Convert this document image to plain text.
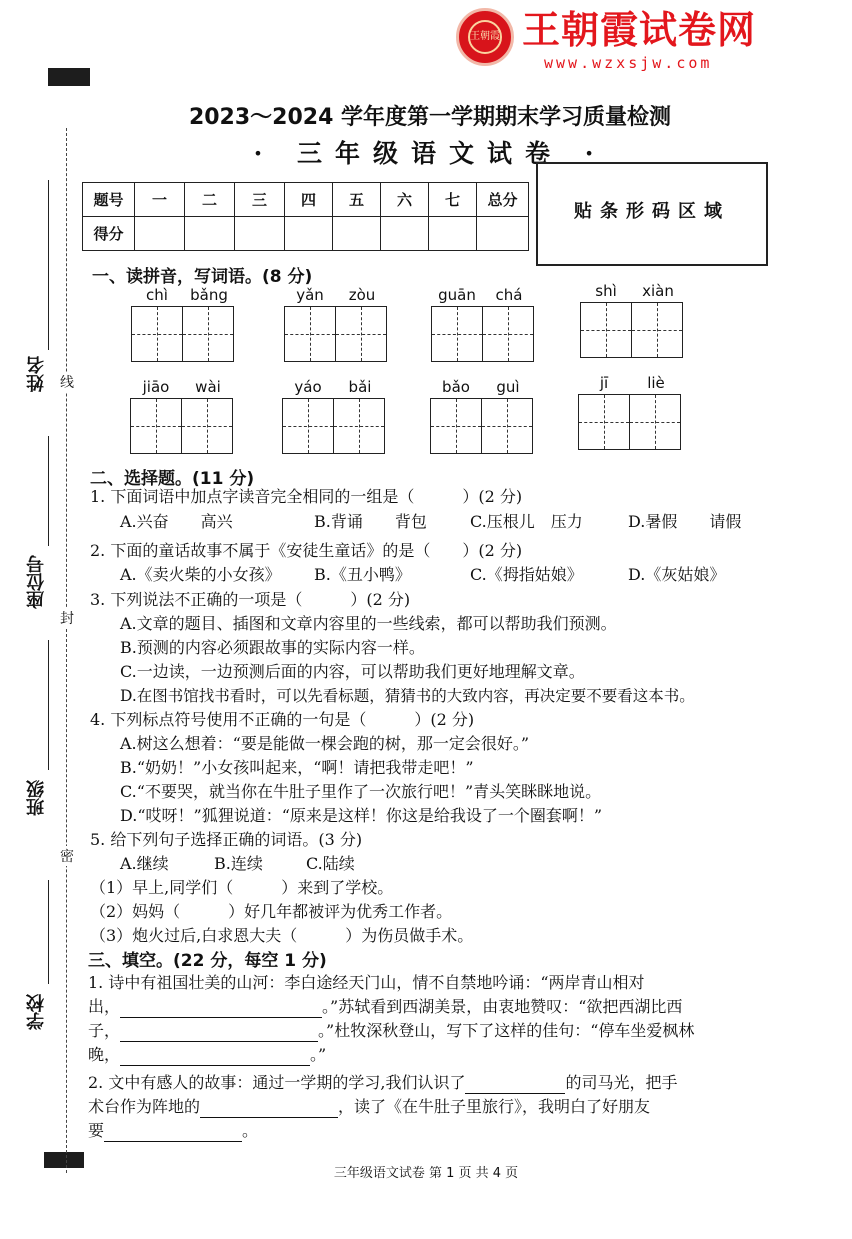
王朝霞 王朝霞试卷网
www.wzxsjw.com
线
封
密
姓名
座位号
班级
学校
2023～2024 学年度第一学期期末学习质量检测
· 三年级语文试卷 ·
题号	一	二	三	四	五	六	七	总分
得分								
贴条形码区域
一、读拼音，写词语。(8 分)
chì	bǎng	yǎn	zòu	guān	chá	shì	xiàn
jiāo	wài	yáo	bǎi	bǎo	guì	jī	liè
二、选择题。(11 分)
1. 下面词语中加点字读音完全相同的一组是（　　　）(2 分)
A.兴奋　　高兴	B.背诵　　背包	C.压根儿　压力	D.暑假　　请假
2. 下面的童话故事不属于《安徒生童话》的是（　　）(2 分)
A.《卖火柴的小女孩》 B.《丑小鸭》	C.《拇指姑娘》	D.《灰姑娘》
3. 下列说法不正确的一项是（　　　）(2 分)
A.文章的题目、插图和文章内容里的一些线索，都可以帮助我们预测。
B.预测的内容必须跟故事的实际内容一样。
C.一边读，一边预测后面的内容，可以帮助我们更好地理解文章。
D.在图书馆找书看时，可以先看标题，猜猜书的大致内容，再决定要不要看这本书。
4. 下列标点符号使用不正确的一句是（　　　）(2 分)
A.树这么想着：“要是能做一棵会跑的树，那一定会很好。”
B.“奶奶！”小女孩叫起来，“啊！请把我带走吧！”
C.“不要哭，就当你在牛肚子里作了一次旅行吧！”青头笑眯眯地说。
D.“哎呀！”狐狸说道：“原来是这样！你这是给我设了一个圈套啊！”
5. 给下列句子选择正确的词语。(3 分)
A.继续	B.连续	C.陆续
（1）早上,同学们（　　　）来到了学校。
（2）妈妈（　　　）好几年都被评为优秀工作者。
（3）炮火过后,白求恩大夫（　　　）为伤员做手术。
三、填空。(22 分，每空 1 分)
1. 诗中有祖国壮美的山河：李白途经天门山，情不自禁地吟诵：“两岸青山相对
出，	。”苏轼看到西湖美景，由衷地赞叹：“欲把西湖比西
子，	。”杜牧深秋登山，写下了这样的佳句：“停车坐爱枫林
晚，	。”
2. 文中有感人的故事：通过一学期的学习,我们认识了	的司马光，把手
术台作为阵地的	，读了《在牛肚子里旅行》，我明白了好朋友
要	。
三年级语文试卷 第 1 页 共 4 页
